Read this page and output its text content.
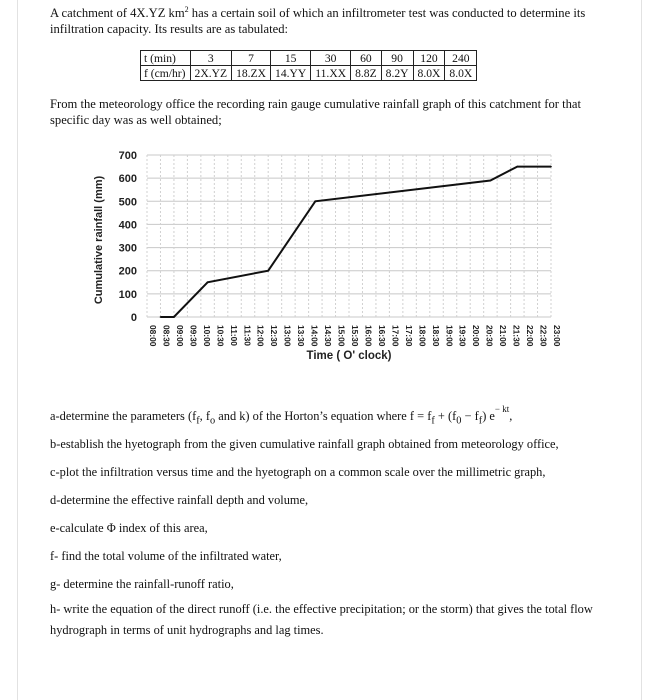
A catchment of 4X.YZ $km^2$ has a certain soil of which an infiltrometer test was conducted to determine its infiltration capacity. Its results are as tabulated:

t (min)	3	7	15	30	60	90	120	240
f (cm/hr)	2X.YZ	18.ZX	14.YY	11.XX	8.8Z	8.2Y	8.0X	8.0X

From the meteorology office the recording rain gauge cumulative rainfall graph of this catchment for that specific day was as well obtained;

0
100
200
300
400
500
600
700
08:00 08:30 09:00 09:30 10:00 10:30 11:00 11:30 12:00 12:30 13:00 13:30 14:00 14:30 15:00 15:30 16:00 16:30 17:00 17:30 18:00 18:30 19:00 19:30 20:00 20:30 21:00 21:30 22:00 22:30 23:00
Cumulative rainfall (mm)
Time ( O' clock)

a-determine the parameters ($f_f$, $f_o$ and k) of the Horton’s equation where $f = f_f + (f_0 - f_f)$ $e^{- kt}$,

b-establish the hyetograph from the given cumulative rainfall graph obtained from meteorology office,

c-plot the infiltration versus time and the hyetograph on a common scale over the millimetric graph,

d-determine the effective rainfall depth and volume,

e-calculate Φ index of this area,

f- find the total volume of the infiltrated water,

g- determine the rainfall-runoff ratio,

h- write the equation of the direct runoff (i.e. the effective precipitation; or the storm) that gives the total flow hydrograph in terms of unit hydrographs and lag times.
